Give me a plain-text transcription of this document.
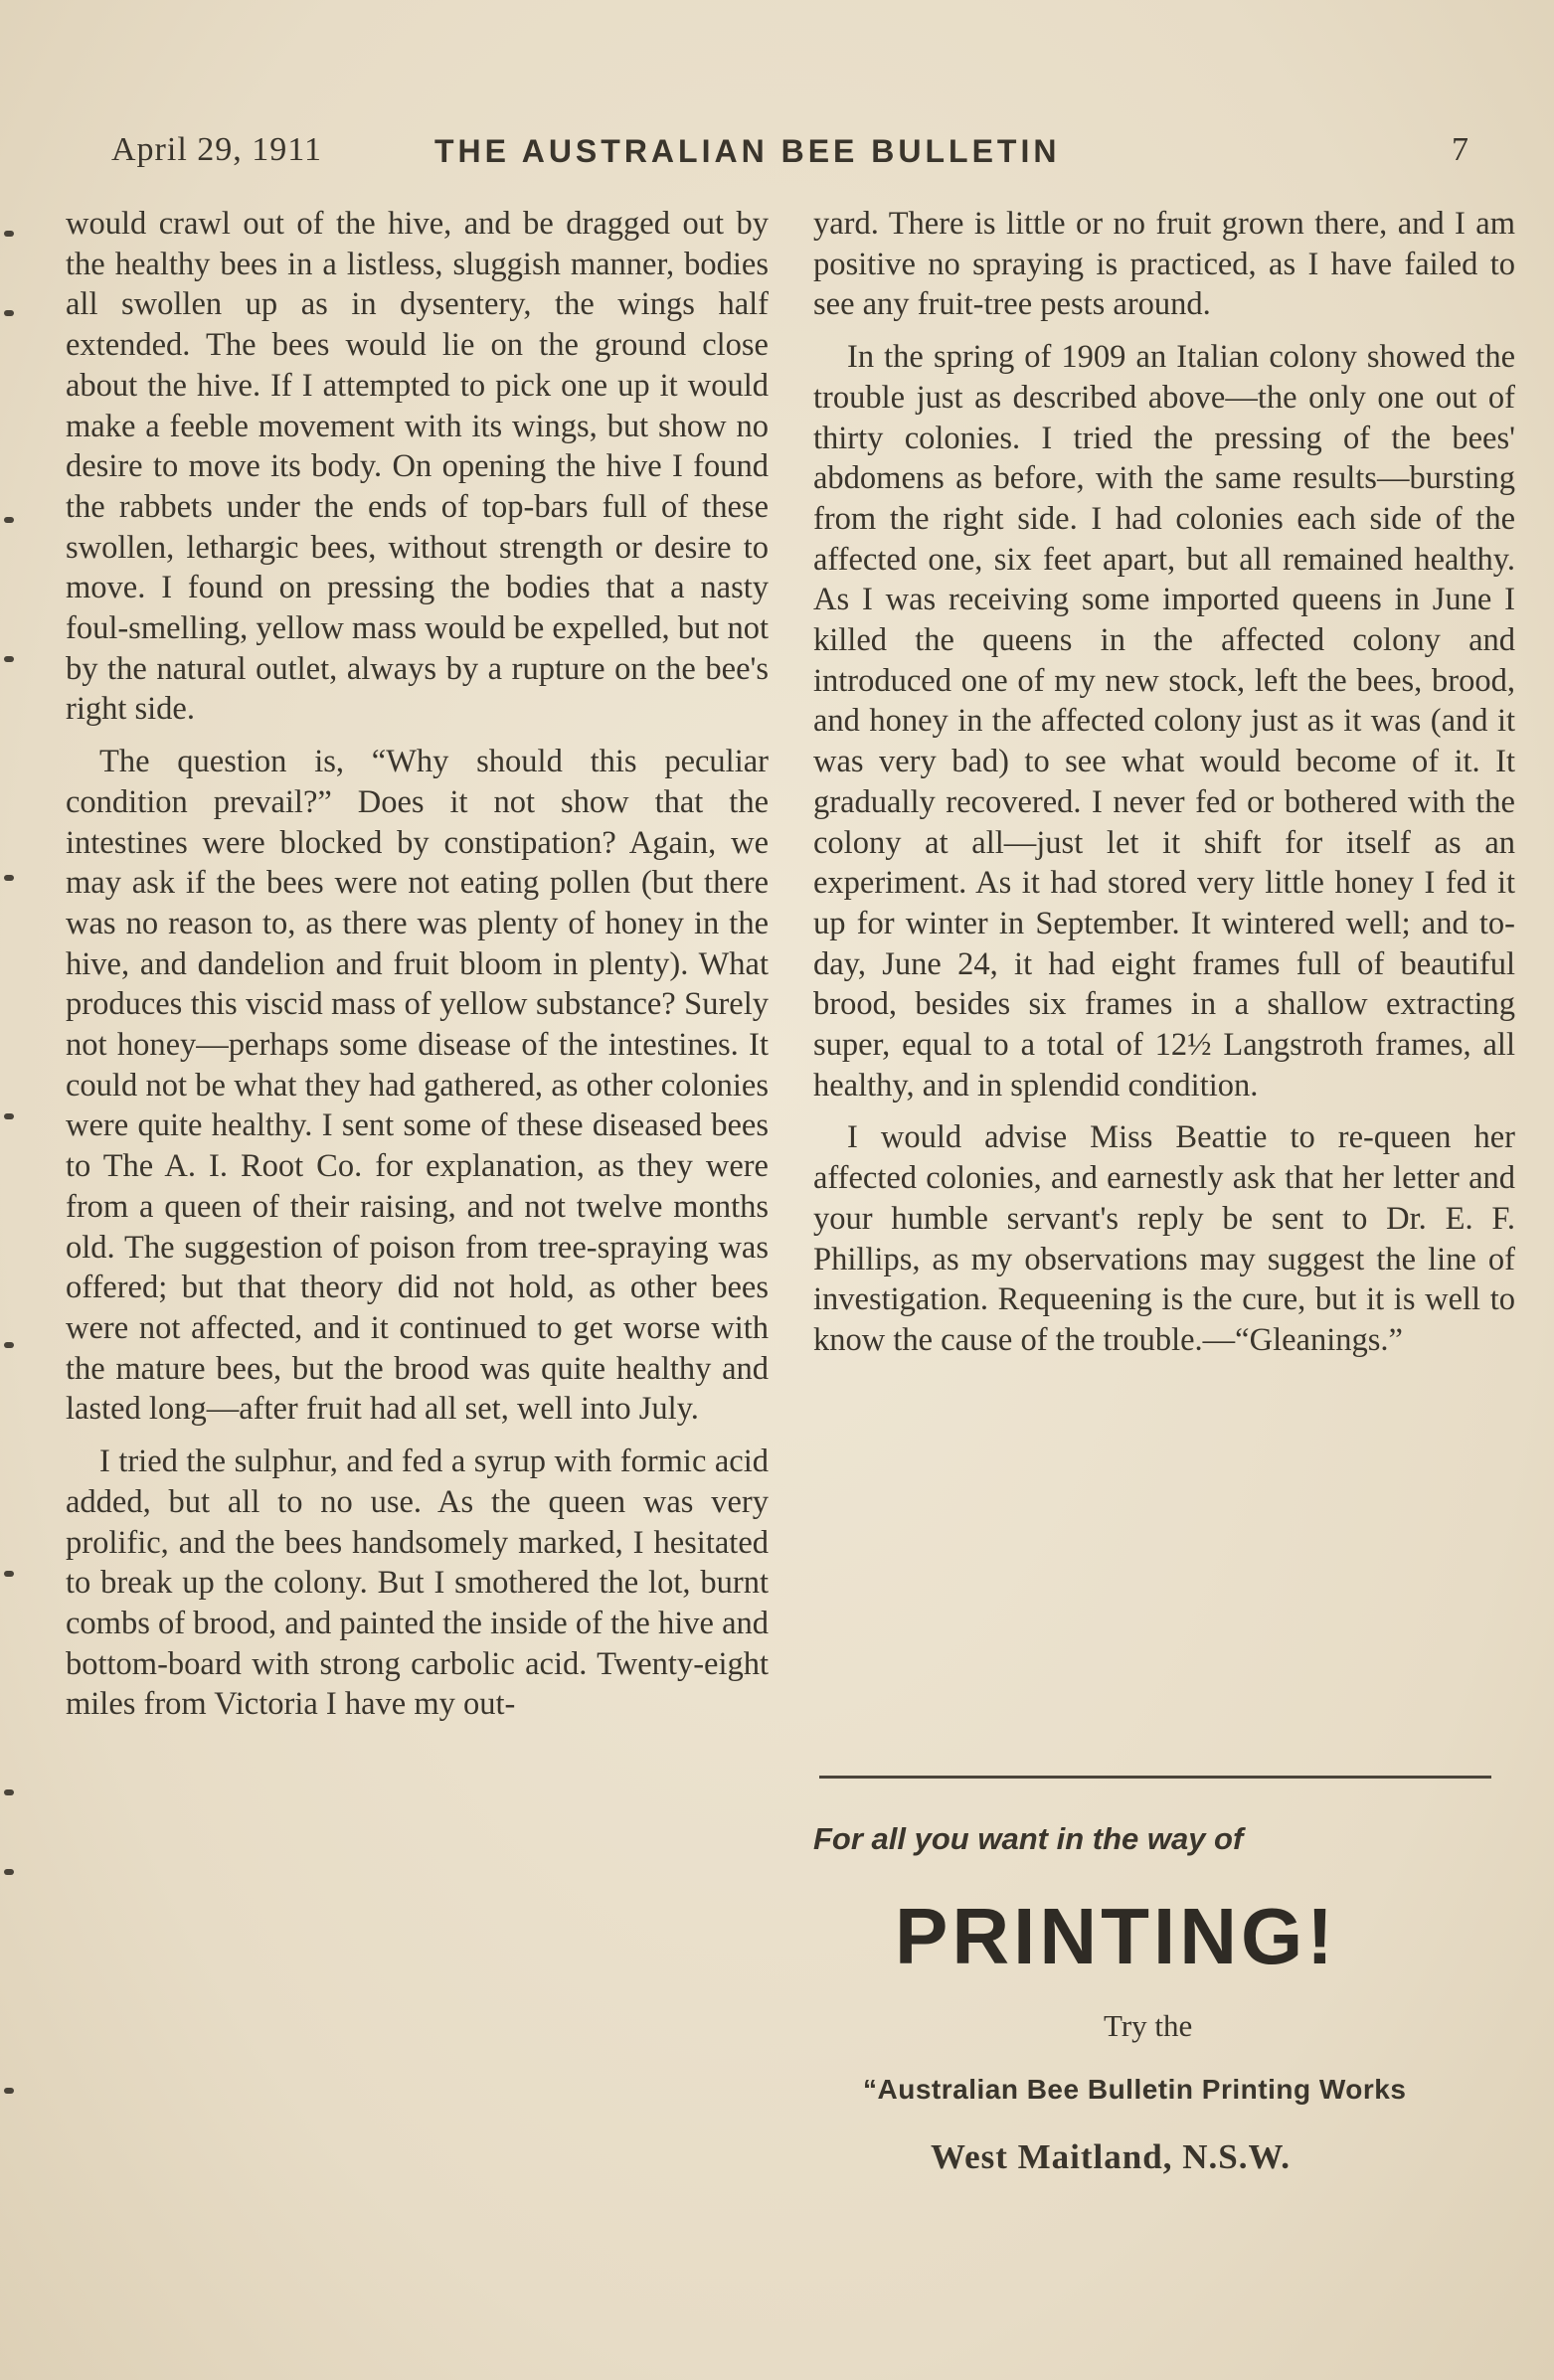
April 29, 1911	THE AUSTRALIAN BEE BULLETIN	7

would crawl out of the hive, and be dragged out by the healthy bees in a listless, sluggish manner, bodies all swollen up as in dysentery, the wings half extended. The bees would lie on the ground close about the hive. If I attempted to pick one up it would make a feeble movement with its wings, but show no desire to move its body. On opening the hive I found the rabbets under the ends of top-bars full of these swollen, lethargic bees, without strength or desire to move. I found on pressing the bodies that a nasty foul-smelling, yellow mass would be expelled, but not by the natural outlet, always by a rupture on the bee's right side.

The question is, “Why should this peculiar condition prevail?” Does it not show that the intestines were blocked by constipation? Again, we may ask if the bees were not eating pollen (but there was no reason to, as there was plenty of honey in the hive, and dandelion and fruit bloom in plenty). What produces this viscid mass of yellow substance? Surely not honey—perhaps some disease of the intestines. It could not be what they had gathered, as other colonies were quite healthy. I sent some of these diseased bees to The A. I. Root Co. for explanation, as they were from a queen of their raising, and not twelve months old. The suggestion of poison from tree-spraying was offered; but that theory did not hold, as other bees were not affected, and it continued to get worse with the mature bees, but the brood was quite healthy and lasted long—after fruit had all set, well into July.

I tried the sulphur, and fed a syrup with formic acid added, but all to no use. As the queen was very prolific, and the bees handsomely marked, I hesitated to break up the colony. But I smothered the lot, burnt combs of brood, and painted the inside of the hive and bottom-board with strong carbolic acid. Twenty-eight miles from Victoria I have my out-

yard. There is little or no fruit grown there, and I am positive no spraying is practiced, as I have failed to see any fruit-tree pests around.

In the spring of 1909 an Italian colony showed the trouble just as described above—the only one out of thirty colonies. I tried the pressing of the bees' abdomens as before, with the same results—bursting from the right side. I had colonies each side of the affected one, six feet apart, but all remained healthy. As I was receiving some imported queens in June I killed the queens in the affected colony and introduced one of my new stock, left the bees, brood, and honey in the affected colony just as it was (and it was very bad) to see what would become of it. It gradually recovered. I never fed or bothered with the colony at all—just let it shift for itself as an experiment. As it had stored very little honey I fed it up for winter in September. It wintered well; and to-day, June 24, it had eight frames full of beautiful brood, besides six frames in a shallow extracting super, equal to a total of 12½ Langstroth frames, all healthy, and in splendid condition.

I would advise Miss Beattie to re-queen her affected colonies, and earnestly ask that her letter and your humble servant's reply be sent to Dr. E. F. Phillips, as my observations may suggest the line of investigation. Requeening is the cure, but it is well to know the cause of the trouble.—“Gleanings.”

For all you want in the way of
PRINTING!
Try the
“Australian Bee Bulletin Printing Works
West Maitland, N.S.W.
